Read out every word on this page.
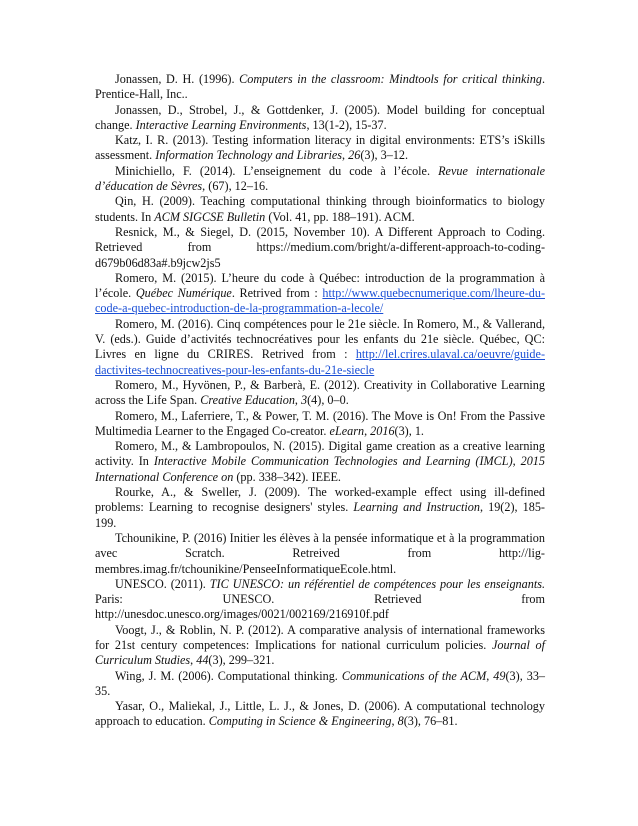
Jonassen, D. H. (1996). Computers in the classroom: Mindtools for critical thinking. Prentice-Hall, Inc..

Jonassen, D., Strobel, J., & Gottdenker, J. (2005). Model building for conceptual change. Interactive Learning Environments, 13(1-2), 15-37.

Katz, I. R. (2013). Testing information literacy in digital environments: ETS’s iSkills assessment. Information Technology and Libraries, 26(3), 3–12.

Minichiello, F. (2014). L’enseignement du code à l’école. Revue internationale d’éducation de Sèvres, (67), 12–16.

Qin, H. (2009). Teaching computational thinking through bioinformatics to biology students. In ACM SIGCSE Bulletin (Vol. 41, pp. 188–191). ACM.

Resnick, M., & Siegel, D. (2015, November 10). A Different Approach to Coding. Retrieved from https://medium.com/bright/a-different-approach-to-coding-d679b06d83a#.b9jcw2js5

Romero, M. (2015). L’heure du code à Québec: introduction de la programmation à l’école. Québec Numérique. Retrived from : http://www.quebecnumerique.com/lheure-du-code-a-quebec-introduction-de-la-programmation-a-lecole/

Romero, M. (2016). Cinq compétences pour le 21e siècle. In Romero, M., & Vallerand, V. (eds.). Guide d’activités technocréatives pour les enfants du 21e siècle. Québec, QC: Livres en ligne du CRIRES. Retrived from : http://lel.crires.ulaval.ca/oeuvre/guide-dactivites-technocreatives-pour-les-enfants-du-21e-siecle

Romero, M., Hyvönen, P., & Barberà, E. (2012). Creativity in Collaborative Learning across the Life Span. Creative Education, 3(4), 0–0.

Romero, M., Laferriere, T., & Power, T. M. (2016). The Move is On! From the Passive Multimedia Learner to the Engaged Co-creator. eLearn, 2016(3), 1.

Romero, M., & Lambropoulos, N. (2015). Digital game creation as a creative learning activity. In Interactive Mobile Communication Technologies and Learning (IMCL), 2015 International Conference on (pp. 338–342). IEEE.

Rourke, A., & Sweller, J. (2009). The worked-example effect using ill-defined problems: Learning to recognise designers' styles. Learning and Instruction, 19(2), 185-199.

Tchounikine, P. (2016) Initier les élèves à la pensée informatique et à la programmation avec Scratch. Retreived from http://lig-membres.imag.fr/tchounikine/PenseeInformatiqueEcole.html.

UNESCO. (2011). TIC UNESCO: un référentiel de compétences pour les enseignants. Paris: UNESCO. Retrieved from http://unesdoc.unesco.org/images/0021/002169/216910f.pdf

Voogt, J., & Roblin, N. P. (2012). A comparative analysis of international frameworks for 21st century competences: Implications for national curriculum policies. Journal of Curriculum Studies, 44(3), 299–321.

Wing, J. M. (2006). Computational thinking. Communications of the ACM, 49(3), 33–35.

Yasar, O., Maliekal, J., Little, L. J., & Jones, D. (2006). A computational technology approach to education. Computing in Science & Engineering, 8(3), 76–81.
